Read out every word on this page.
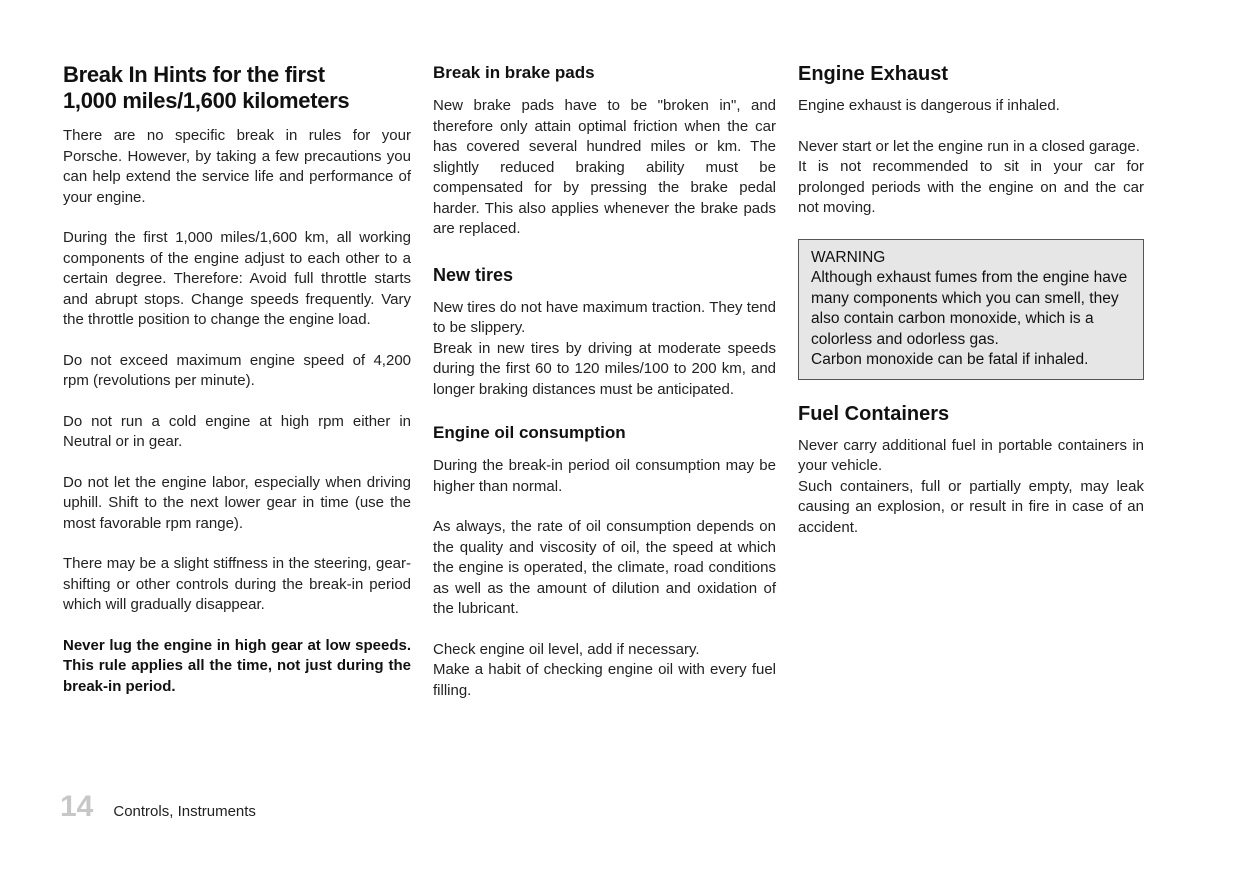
Break In Hints for the first 1,000 miles/1,600 kilometers

There are no specific break in rules for your Porsche. However, by taking a few precautions you can help extend the service life and performance of your engine.

During the first 1,000 miles/1,600 km, all working components of the engine adjust to each other to a certain degree. Therefore: Avoid full throttle starts and abrupt stops. Change speeds frequently. Vary the throttle position to change the engine load.

Do not exceed maximum engine speed of 4,200 rpm (revolutions per minute).

Do not run a cold engine at high rpm either in Neutral or in gear.

Do not let the engine labor, especially when driving uphill. Shift to the next lower gear in time (use the most favorable rpm range).

There may be a slight stiffness in the steering, gear-shifting or other controls during the break-in period which will gradually disappear.

Never lug the engine in high gear at low speeds. This rule applies all the time, not just during the break-in period.

Break in brake pads

New brake pads have to be "broken in", and therefore only attain optimal friction when the car has covered several hundred miles or km. The slightly reduced braking ability must be compensated for by pressing the brake pedal harder. This also applies whenever the brake pads are replaced.

New tires

New tires do not have maximum traction. They tend to be slippery.

Break in new tires by driving at moderate speeds during the first 60 to 120 miles/100 to 200 km, and longer braking distances must be anticipated.

Engine oil consumption

During the break-in period oil consumption may be higher than normal.

As always, the rate of oil consumption depends on the quality and viscosity of oil, the speed at which the engine is operated, the climate, road conditions as well as the amount of dilution and oxidation of the lubricant.

Check engine oil level, add if necessary.

Make a habit of checking engine oil with every fuel filling.

Engine Exhaust

Engine exhaust is dangerous if inhaled.

Never start or let the engine run in a closed garage.

It is not recommended to sit in your car for prolonged periods with the engine on and the car not moving.

WARNING

Although exhaust fumes from the engine have many components which you can smell, they also contain carbon monoxide, which is a colorless and odorless gas.

Carbon monoxide can be fatal if inhaled.

Fuel Containers

Never carry additional fuel in portable containers in your vehicle.

Such containers, full or partially empty, may leak causing an explosion, or result in fire in case of an accident.

14 Controls, Instruments
